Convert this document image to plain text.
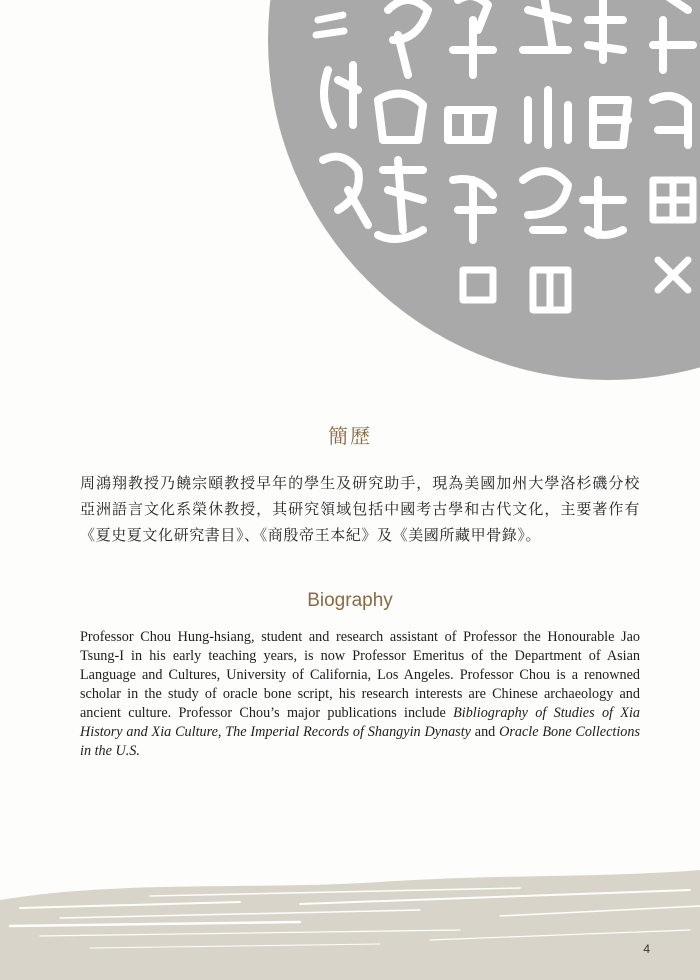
簡歷
周鴻翔教授乃饒宗頤教授早年的學生及研究助手，現為美國加州大學洛杉磯分校亞洲語言文化系榮休教授，其研究領域包括中國考古學和古代文化，主要著作有《夏史夏文化研究書目》、《商殷帝王本紀》及《美國所藏甲骨錄》。
Biography
Professor Chou Hung-hsiang, student and research assistant of Professor the Honourable Jao Tsung-I in his early teaching years, is now Professor Emeritus of the Department of Asian Language and Cultures, University of California, Los Angeles. Professor Chou is a renowned scholar in the study of oracle bone script, his research interests are Chinese archaeology and ancient culture. Professor Chou’s major publications include Bibliography of Studies of Xia History and Xia Culture, The Imperial Records of Shangyin Dynasty and Oracle Bone Collections in the U.S.
4
